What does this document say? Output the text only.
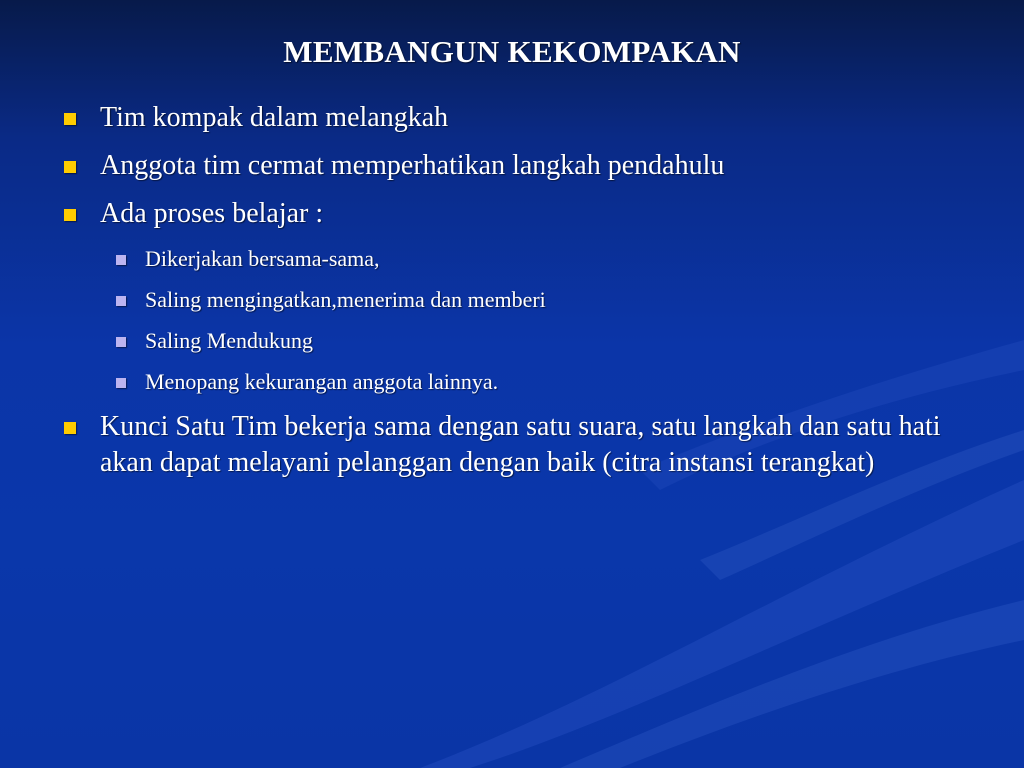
MEMBANGUN KEKOMPAKAN
Tim kompak dalam melangkah
Anggota tim cermat memperhatikan langkah pendahulu
Ada proses belajar :
Dikerjakan bersama-sama,
Saling mengingatkan,menerima dan memberi
Saling Mendukung
Menopang kekurangan anggota lainnya.
Kunci Satu Tim bekerja sama dengan satu suara, satu langkah dan satu hati akan dapat melayani pelanggan dengan baik (citra instansi terangkat)
